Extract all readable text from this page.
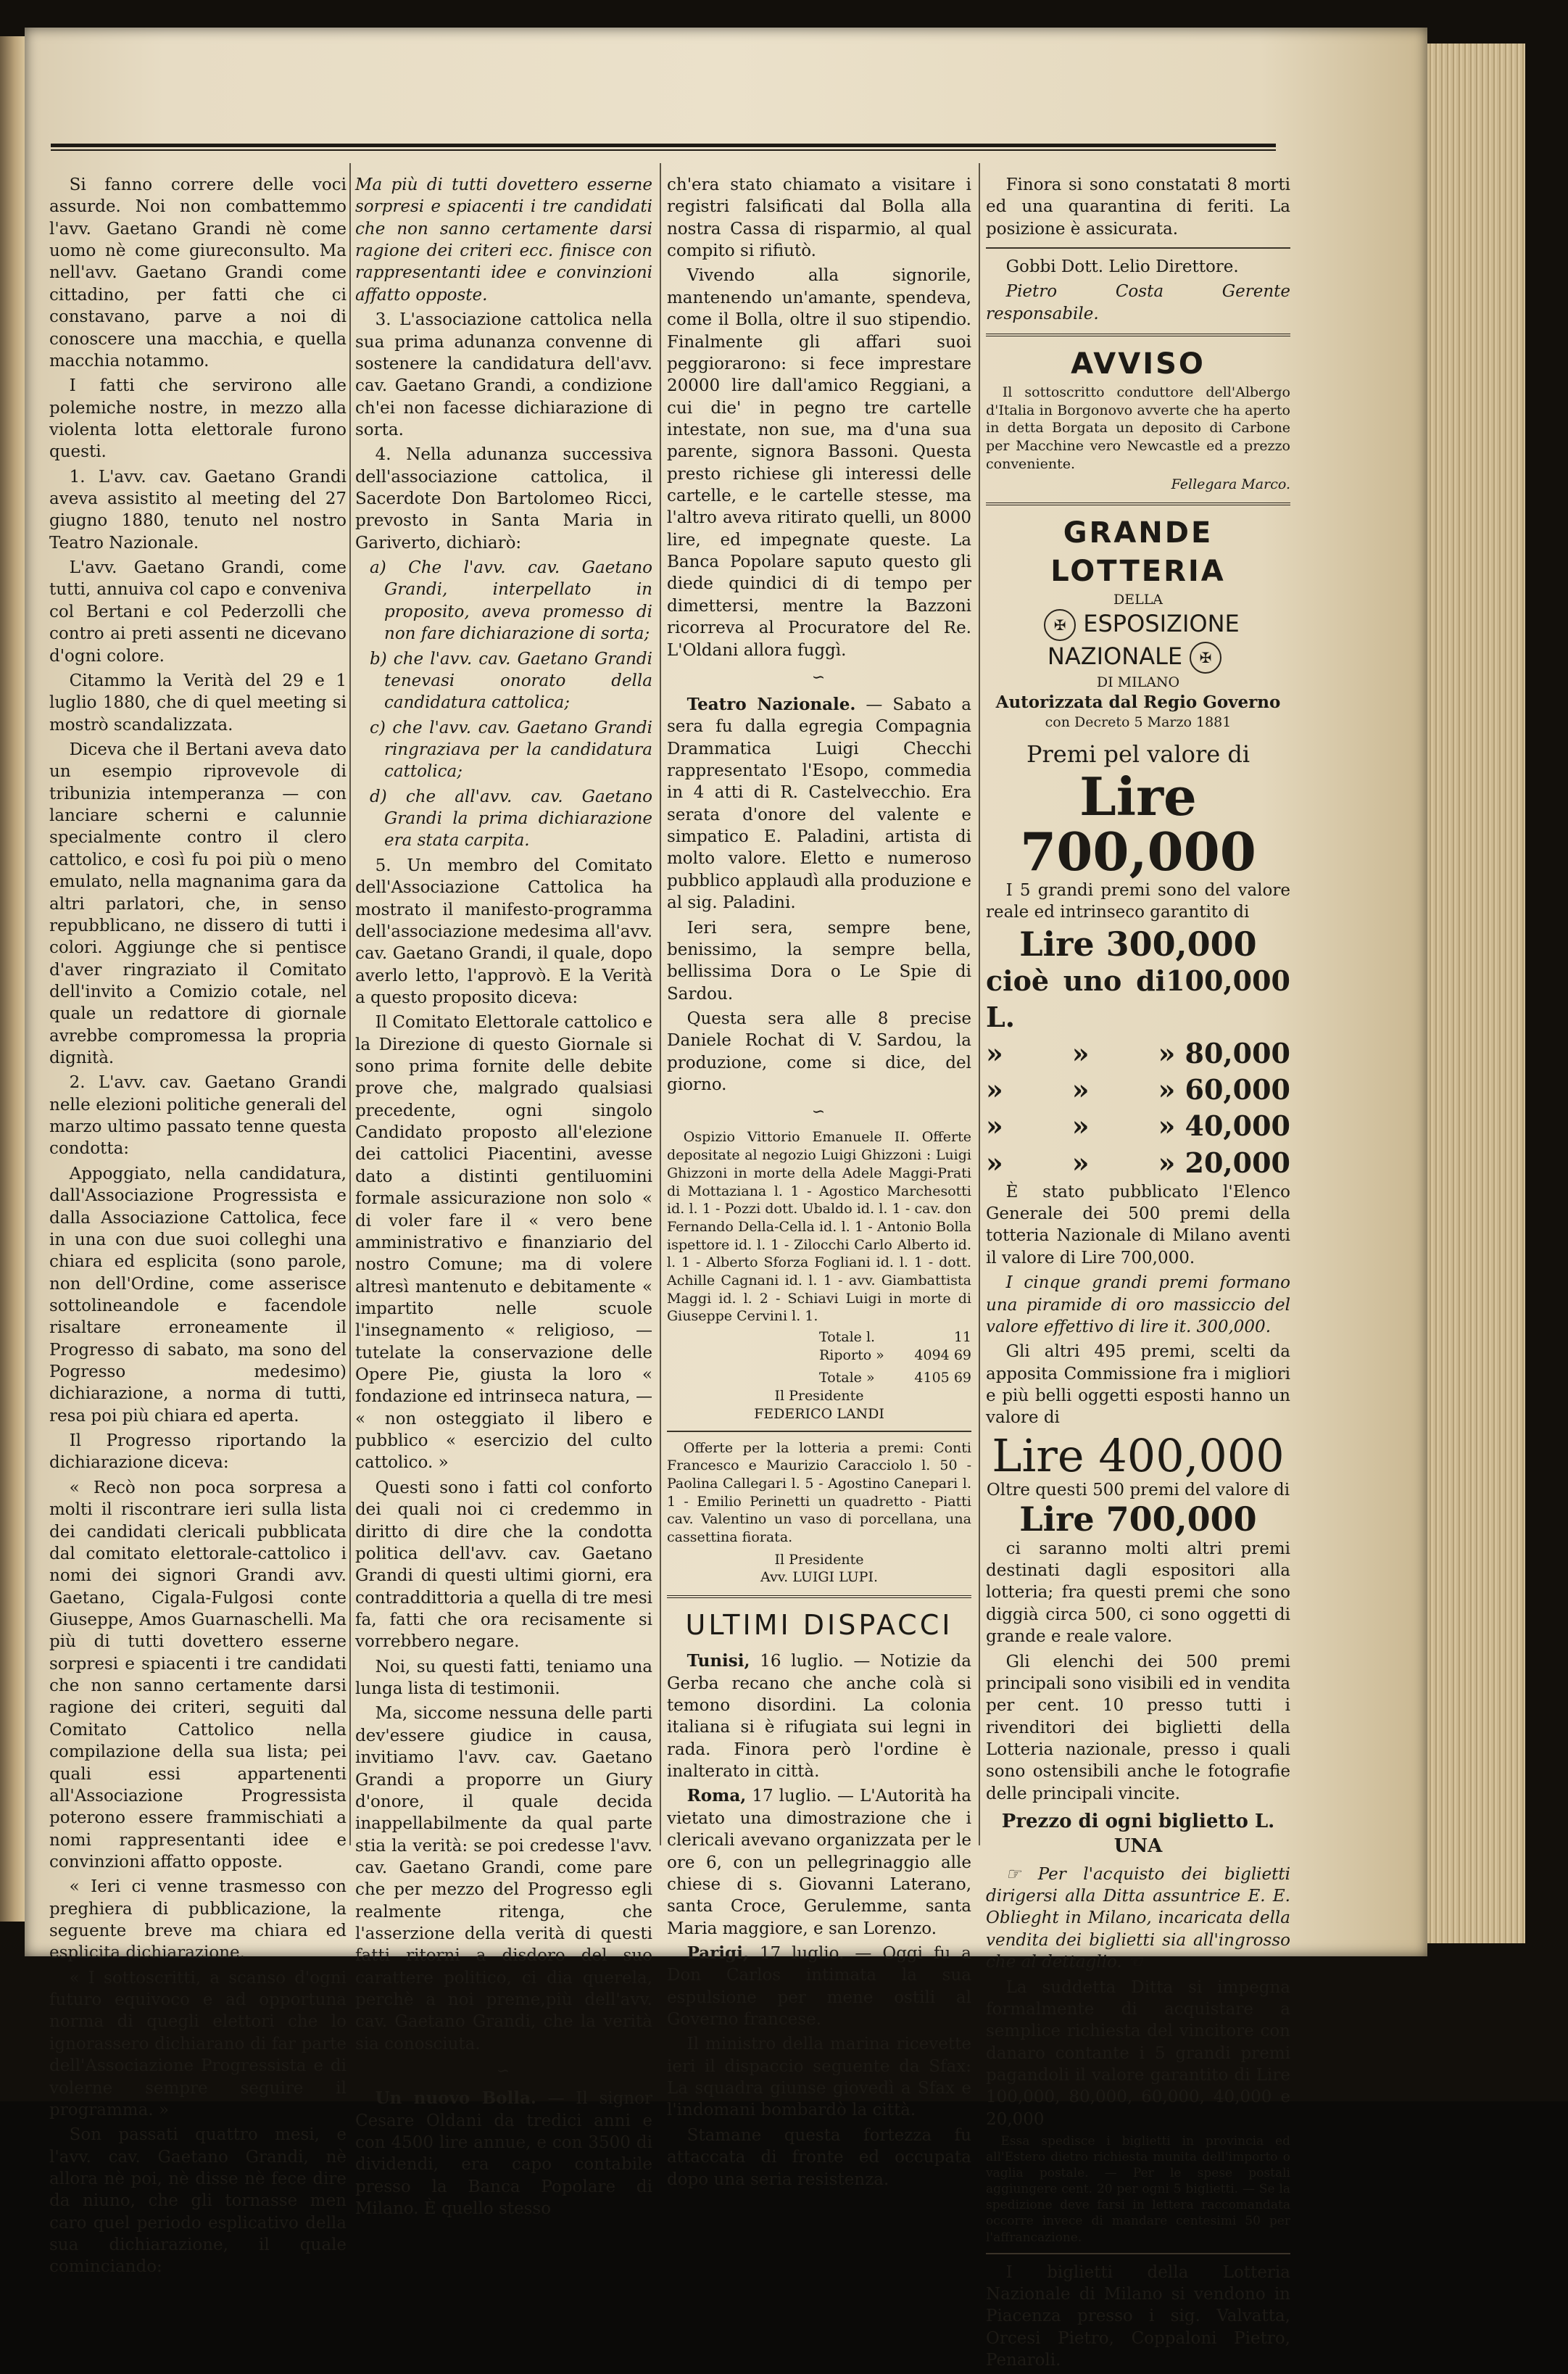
Si fanno correre delle voci assurde. Noi non combattemmo l'avv. Gaetano Grandi nè come uomo nè come giureconsulto. Ma nell'avv. Gaetano Grandi come cittadino, per fatti che ci constavano, parve a noi di conoscere una macchia, e quella macchia notammo.

I fatti che servirono alle polemiche nostre, in mezzo alla violenta lotta elettorale furono questi.

1. L'avv. cav. Gaetano Grandi aveva assistito al meeting del 27 giugno 1880, tenuto nel nostro Teatro Nazionale.

L'avv. Gaetano Grandi, come tutti, annuiva col capo e conveniva col Bertani e col Pederzolli che contro ai preti assenti ne dicevano d'ogni colore.

Citammo la Verità del 29 e 1 luglio 1880, che di quel meeting si mostrò scandalizzata.

Diceva che il Bertani aveva dato un esempio riprovevole di tribunizia intemperanza — con lanciare scherni e calunnie specialmente contro il clero cattolico, e così fu poi più o meno emulato, nella magnanima gara da altri parlatori, che, in senso repubblicano, ne dissero di tutti i colori. Aggiunge che si pentisce d'aver ringraziato il Comitato dell'invito a Comizio cotale, nel quale un redattore di giornale avrebbe compromessa la propria dignità.

2. L'avv. cav. Gaetano Grandi nelle elezioni politiche generali del marzo ultimo passato tenne questa condotta:

Appoggiato, nella candidatura, dall'Associazione Progressista e dalla Associazione Cattolica, fece in una con due suoi colleghi una chiara ed esplicita (sono parole, non dell'Ordine, come asserisce sottolineandole e facendole risaltare erroneamente il Progresso di sabato, ma sono del Pogresso medesimo) dichiarazione, a norma di tutti, resa poi più chiara ed aperta.

Il Progresso riportando la dichiarazione diceva:

« Recò non poca sorpresa a molti il riscontrare ieri sulla lista dei candidati clericali pubblicata dal comitato elettorale-cattolico i nomi dei signori Grandi avv. Gaetano, Cigala-Fulgosi conte Giuseppe, Amos Guarnaschelli. Ma più di tutti dovettero esserne sorpresi e spiacenti i tre candidati che non sanno certamente darsi ragione dei criteri, seguiti dal Comitato Cattolico nella compilazione della sua lista; pei quali essi appartenenti all'Associazione Progressista poterono essere frammischiati a nomi rappresentanti idee e convinzioni affatto opposte.

« Ieri ci venne trasmesso con preghiera di pubblicazione, la seguente breve ma chiara ed esplicita dichiarazione.

« I sottoscritti, a scanso d'ogni futuro equivoco e ad opportuna norma di quegli elettori che lo ignorassero dichiarano di far parte dell'Associazione Progressista e di volerne sempre seguire il programma. »

Son passati quattro mesi, e l'avv. cav. Gaetano Grandi, nè allora nè poi, nè disse nè fece dire da niuno, che gli tornasse men caro quel periodo esplicativo della sua dichiarazione, il quale cominciando:

Ma più di tutti dovettero esserne sorpresi e spiacenti i tre candidati che non sanno certamente darsi ragione dei criteri ecc. finisce con rappresentanti idee e convinzioni affatto opposte.

3. L'associazione cattolica nella sua prima adunanza convenne di sostenere la candidatura dell'avv. cav. Gaetano Grandi, a condizione ch'ei non facesse dichiarazione di sorta.

4. Nella adunanza successiva dell'associazione cattolica, il Sacerdote Don Bartolomeo Ricci, prevosto in Santa Maria in Gariverto, dichiarò:

a) Che l'avv. cav. Gaetano Grandi, interpellato in proposito, aveva promesso di non fare dichiarazione di sorta;

b) che l'avv. cav. Gaetano Grandi tenevasi onorato della candidatura cattolica;

c) che l'avv. cav. Gaetano Grandi ringraziava per la candidatura cattolica;

d) che all'avv. cav. Gaetano Grandi la prima dichiarazione era stata carpita.

5. Un membro del Comitato dell'Associazione Cattolica ha mostrato il manifesto-programma dell'associazione medesima all'avv. cav. Gaetano Grandi, il quale, dopo averlo letto, l'approvò. E la Verità a questo proposito diceva:

Il Comitato Elettorale cattolico e la Direzione di questo Giornale si sono prima fornite delle debite prove che, malgrado qualsiasi precedente, ogni singolo Candidato proposto all'elezione dei cattolici Piacentini, avesse dato a distinti gentiluomini formale assicurazione non solo « di voler fare il « vero bene amministrativo e finanziario del nostro Comune; ma di volere altresì mantenuto e debitamente « impartito nelle scuole l'insegnamento « religioso, — tutelate la conservazione delle Opere Pie, giusta la loro « fondazione ed intrinseca natura, — « non osteggiato il libero e pubblico « esercizio del culto cattolico. »

Questi sono i fatti col conforto dei quali noi ci credemmo in diritto di dire che la condotta politica dell'avv. cav. Gaetano Grandi di questi ultimi giorni, era contraddittoria a quella di tre mesi fa, fatti che ora recisamente si vorrebbero negare.

Noi, su questi fatti, teniamo una lunga lista di testimonii.

Ma, siccome nessuna delle parti dev'essere giudice in causa, invitiamo l'avv. cav. Gaetano Grandi a proporre un Giury d'onore, il quale decida inappellabilmente da qual parte stia la verità: se poi credesse l'avv. cav. Gaetano Grandi, come pare che per mezzo del Progresso egli realmente ritenga, che l'asserzione della verità di questi fatti ritorni a disdoro del suo carattere politico, ci dia querela, perchè a noi preme,più dell'avv. cav. Gaetano Grandi, che la verità sia conosciuta.

∽

Un nuovo Bolla. — Il signor Cesare Oldani da tredici anni e con 4500 lire annue, e con 3500 di dividendi, era capo contabile presso la Banca Popolare di Milano. È quello stesso

ch'era stato chiamato a visitare i registri falsificati dal Bolla alla nostra Cassa di risparmio, al qual compito si rifiutò.

Vivendo alla signorile, mantenendo un'amante, spendeva, come il Bolla, oltre il suo stipendio. Finalmente gli affari suoi peggiorarono: si fece imprestare 20000 lire dall'amico Reggiani, a cui die' in pegno tre cartelle intestate, non sue, ma d'una sua parente, signora Bassoni. Questa presto richiese gli interessi delle cartelle, e le cartelle stesse, ma l'altro aveva ritirato quelli, un 8000 lire, ed impegnate queste. La Banca Popolare saputo questo gli diede quindici di di tempo per dimettersi, mentre la Bazzoni ricorreva al Procuratore del Re. L'Oldani allora fuggì.

∽

Teatro Nazionale. — Sabato a sera fu dalla egregia Compagnia Drammatica Luigi Checchi rappresentato l'Esopo, commedia in 4 atti di R. Castelvecchio. Era serata d'onore del valente e simpatico E. Paladini, artista di molto valore. Eletto e numeroso pubblico applaudì alla produzione e al sig. Paladini.

Ieri sera, sempre bene, benissimo, la sempre bella, bellissima Dora o Le Spie di Sardou.

Questa sera alle 8 precise Daniele Rochat di V. Sardou, la produzione, come si dice, del giorno.

∽

Ospizio Vittorio Emanuele II. Offerte depositate al negozio Luigi Ghizzoni : Luigi Ghizzoni in morte della Adele Maggi-Prati di Mottaziana l. 1 - Agostico Marchesotti id. l. 1 - Pozzi dott. Ubaldo id. l. 1 - cav. don Fernando Della-Cella id. l. 1 - Antonio Bolla ispettore id. l. 1 - Zilocchi Carlo Alberto id. l. 1 - Alberto Sforza Fogliani id. l. 1 - dott. Achille Cagnani id. l. 1 - avv. Giambattista Maggi id. l. 2 - Schiavi Luigi in morte di Giuseppe Cervini l. 1.

Totale l.	11
Riporto » 4094 69
Totale »	4105 69
Il Presidente
FEDERICO LANDI

Offerte per la lotteria a premi: Conti Francesco e Maurizio Caracciolo l. 50 - Paolina Callegari l. 5 - Agostino Canepari l. 1 - Emilio Perinetti un quadretto - Piatti cav. Valentino un vaso di porcellana, una cassettina fiorata.

Il Presidente
Avv. LUIGI LUPI.
ULTIMI DISPACCI

Tunisi, 16 luglio. — Notizie da Gerba recano che anche colà si temono disordini. La colonia italiana si è rifugiata sui legni in rada. Finora però l'ordine è inalterato in città.

Roma, 17 luglio. — L'Autorità ha vietato una dimostrazione che i clericali avevano organizzata per le ore 6, con un pellegrinaggio alle chiese di s. Giovanni Laterano, santa Croce, Gerulemme, santa Maria maggiore, e san Lorenzo.

Parigi, 17 luglio. — Oggi fu a Don Carlos intimata la sua espulsione per mene ostili al Governo francese.

Il ministro della marina ricevette ieri il dispaccio seguente da Sfax: La squadra giunse giovedì a Sfax e l'indomani bombardò la città.

Stamane questa fortezza fu attaccata di fronte ed occupata dopo una seria resistenza.

Finora si sono constatati 8 morti ed una quarantina di feriti. La posizione è assicurata.

Gobbi Dott. Lelio Direttore.

Pietro Costa Gerente responsabile.

AVVISO

Il sottoscritto conduttore dell'Albergo d'Italia in Borgonovo avverte che ha aperto in detta Borgata un deposito di Carbone per Macchine vero Newcastle ed a prezzo conveniente.

Fellegara Marco.
GRANDE LOTTERIA
DELLA
✠ ESPOSIZIONE NAZIONALE ✠
DI MILANO
Autorizzata dal Regio Governo
con Decreto 5 Marzo 1881
Premi pel valore di
Lire 700,000

I 5 grandi premi sono del valore reale ed intrinseco garantito di

Lire 300,000
cioè uno di L.
100,000
»	»	» 80,000
»	»	» 60,000
»	»	» 40,000
»	»	» 20,000

È stato pubblicato l'Elenco Generale dei 500 premi della totteria Nazionale di Milano aventi il valore di Lire 700,000.

I cinque grandi premi formano una piramide di oro massiccio del valore effettivo di lire it. 300,000.

Gli altri 495 premi, scelti da apposita Commissione fra i migliori e più belli oggetti esposti hanno un valore di

Lire 400,000
Oltre questi 500 premi del valore di
Lire 700,000

ci saranno molti altri premi destinati dagli espositori alla lotteria; fra questi premi che sono diggià circa 500, ci sono oggetti di grande e reale valore.

Gli elenchi dei 500 premi principali sono visibili ed in vendita per cent. 10 presso tutti i rivenditori dei biglietti della Lotteria nazionale, presso i quali sono ostensibili anche le fotografie delle principali vincite.

Prezzo di ogni biglietto L. UNA

☞ Per l'acquisto dei biglietti dirigersi alla Ditta assuntrice E. E. Oblieght in Milano, incaricata della vendita dei biglietti sia all'ingrosso che al dettaglio. ☜

La suddetta Ditta si impegna formalmente di acquistare a semplice richiesta del vincitore con danaro contante i 5 grandi premi pagandoli il valore garantito di Lire 100,000, 80,000, 60,000, 40,000 e 20,000

Essa spedisce i biglietti in provincia ed all'Estero dietro richiesta munita dell'importo o vaglia postale. — Per le spese postali aggiungere cent. 20 per ogni 5 biglietti. — Se la spedizione deve farsi in lettera raccomandata occorre invece di mandare centesimi 50 per l'affrancazione.

I biglietti della Lotteria Nazionale di Milano si vendono in Piacenza presso i sig. Valvatta, Orcesi Pietro, Coppaloni Pietro, Penaroli.
